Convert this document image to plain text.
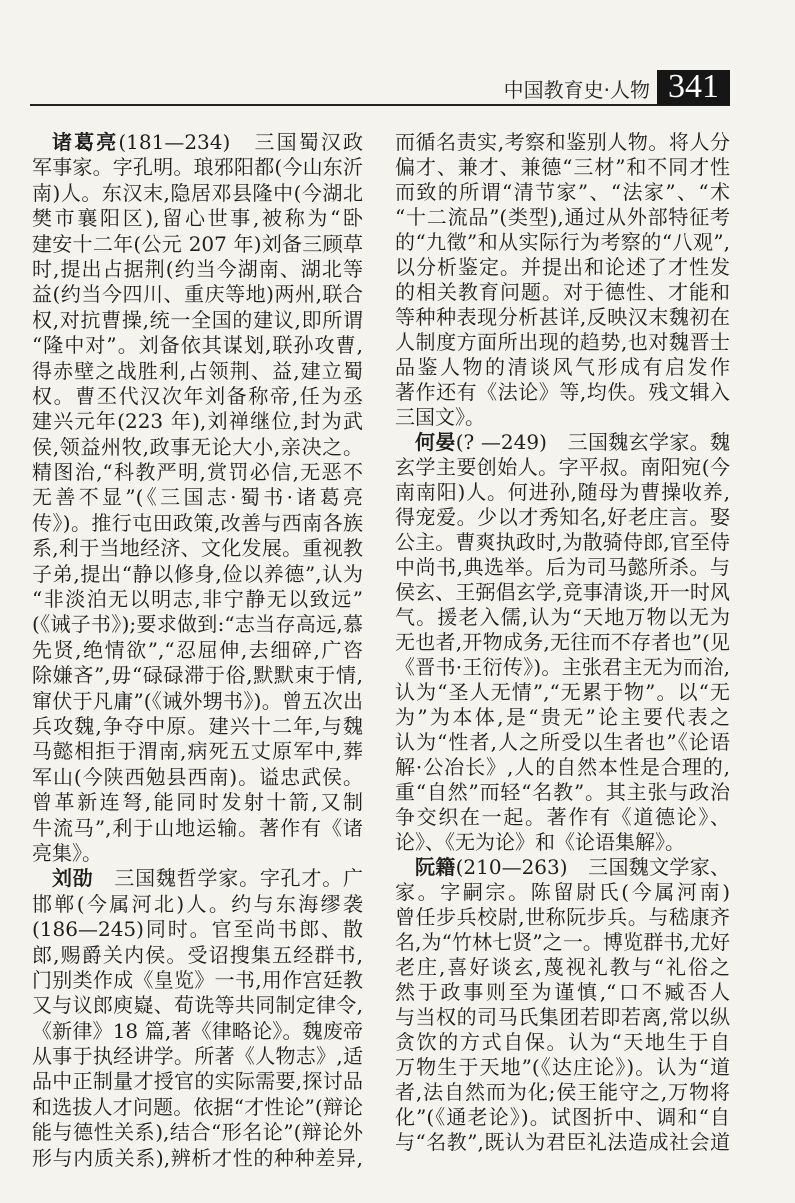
中国教育史·人物 341
诸葛亮(181—234)　三国蜀汉政
军事家。字孔明。琅邪阳都(今山东沂
南)人。东汉末,隐居邓县隆中(今湖北
樊市襄阳区),留心世事,被称为“卧
建安十二年(公元 207 年)刘备三顾草
时,提出占据荆(约当今湖南、湖北等
益(约当今四川、重庆等地)两州,联合
权,对抗曹操,统一全国的建议,即所谓
“隆中对”。刘备依其谋划,联孙攻曹,
得赤壁之战胜利,占领荆、益,建立蜀
权。曹丕代汉次年刘备称帝,任为丞
建兴元年(223 年),刘禅继位,封为武
侯,领益州牧,政事无论大小,亲决之。
精图治,“科教严明,赏罚必信,无恶不
无善不显”(《三国志·蜀书·诸葛亮
传》)。推行屯田政策,改善与西南各族
系,利于当地经济、文化发展。重视教
子弟,提出“静以修身,俭以养德”,认为
“非淡泊无以明志,非宁静无以致远”
(《诫子书》);要求做到:“志当存高远,慕
先贤,绝情欲”,“忍屈伸,去细碎,广咨
除嫌吝”,毋“碌碌滞于俗,默默束于情,
窜伏于凡庸”(《诫外甥书》)。曾五次出
兵攻魏,争夺中原。建兴十二年,与魏
马懿相拒于渭南,病死五丈原军中,葬
军山(今陕西勉县西南)。谥忠武侯。
曾革新连弩,能同时发射十箭,又制
牛流马”,利于山地运输。著作有《诸
亮集》。
刘劭　三国魏哲学家。字孔才。广
邯郸(今属河北)人。约与东海缪袭
(186—245)同时。官至尚书郎、散
郎,赐爵关内侯。受诏搜集五经群书,
门别类作成《皇览》一书,用作宫廷教
又与议郎庾嶷、荀诜等共同制定律令,
《新律》18 篇,著《律略论》。魏废帝
从事于执经讲学。所著《人物志》,适
品中正制量才授官的实际需要,探讨品
和选拔人才问题。依据“才性论”(辩论
能与德性关系),结合“形名论”(辩论外
形与内质关系),辨析才性的种种差异,
而循名责实,考察和鉴别人物。将人分
偏才、兼才、兼德“三材”和不同才性
而致的所谓“清节家”、“法家”、“术
“十二流品”(类型),通过从外部特征考
的“九徵”和从实际行为考察的“八观”,
以分析鉴定。并提出和论述了才性发
的相关教育问题。对于德性、才能和
等种种表现分析甚详,反映汉末魏初在
人制度方面所出现的趋势,也对魏晋士
品鉴人物的清谈风气形成有启发作
著作还有《法论》等,均佚。残文辑入
三国文》。
何晏(? —249)　三国魏玄学家。魏
玄学主要创始人。字平叔。南阳宛(今
南南阳)人。何进孙,随母为曹操收养,
得宠爱。少以才秀知名,好老庄言。娶
公主。曹爽执政时,为散骑侍郎,官至侍
中尚书,典选举。后为司马懿所杀。与
侯玄、王弼倡玄学,竞事清谈,开一时风
气。援老入儒,认为“天地万物以无为
无也者,开物成务,无往而不存者也”(见
《晋书·王衍传》)。主张君主无为而治,
认为“圣人无情”,“无累于物”。以“无
为”为本体,是“贵无”论主要代表之
认为“性者,人之所受以生者也”《论语
解·公冶长》,人的自然本性是合理的,
重“自然”而轻“名教”。其主张与政治
争交织在一起。著作有《道德论》、
论》、《无为论》和《论语集解》。
阮籍(210—263)　三国魏文学家、
家。字嗣宗。陈留尉氏(今属河南)
曾任步兵校尉,世称阮步兵。与嵇康齐
名,为“竹林七贤”之一。博览群书,尤好
老庄,喜好谈玄,蔑视礼教与“礼俗之
然于政事则至为谨慎,“口不臧否人
与当权的司马氏集团若即若离,常以纵
贪饮的方式自保。认为“天地生于自
万物生于天地”(《达庄论》)。认为“道
者,法自然而为化;侯王能守之,万物将
化”(《通老论》)。试图折中、调和“自
与“名教”,既认为君臣礼法造成社会道
